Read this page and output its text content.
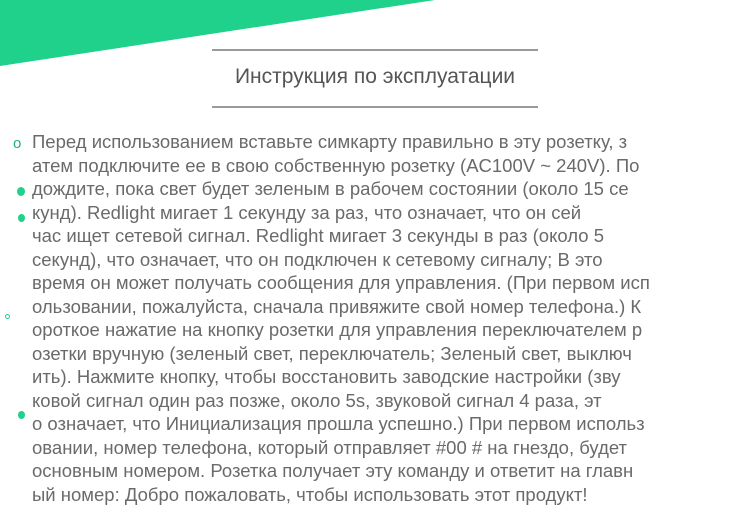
Инструкция по эксплуатации
o Перед использованием вставьте симкарту правильно в эту розетку, з
атем подключите ее в свою собственную розетку (AC100V ~ 240V). По
дождите, пока свет будет зеленым в рабочем состоянии (около 15 се
кунд). Redlight мигает 1 секунду за раз, что означает, что он сей
час ищет сетевой сигнал. Redlight мигает 3 секунды в раз (около 5
секунд), что означает, что он подключен к сетевому сигналу; В это
время он может получать сообщения для управления. (При первом исп
ользовании, пожалуйста, сначала привяжите свой номер телефона.) К
ороткое нажатие на кнопку розетки для управления переключателем р
озетки вручную (зеленый свет, переключатель; Зеленый свет, выключ
ить). Нажмите кнопку, чтобы восстановить заводские настройки (зву
ковой сигнал один раз позже, около 5s, звуковой сигнал 4 раза, эт
о означает, что Инициализация прошла успешно.) При первом использ
овании, номер телефона, который отправляет #00 # на гнездо, будет
основным номером. Розетка получает эту команду и ответит на главн
ый номер: Добро пожаловать, чтобы использовать этот продукт!
